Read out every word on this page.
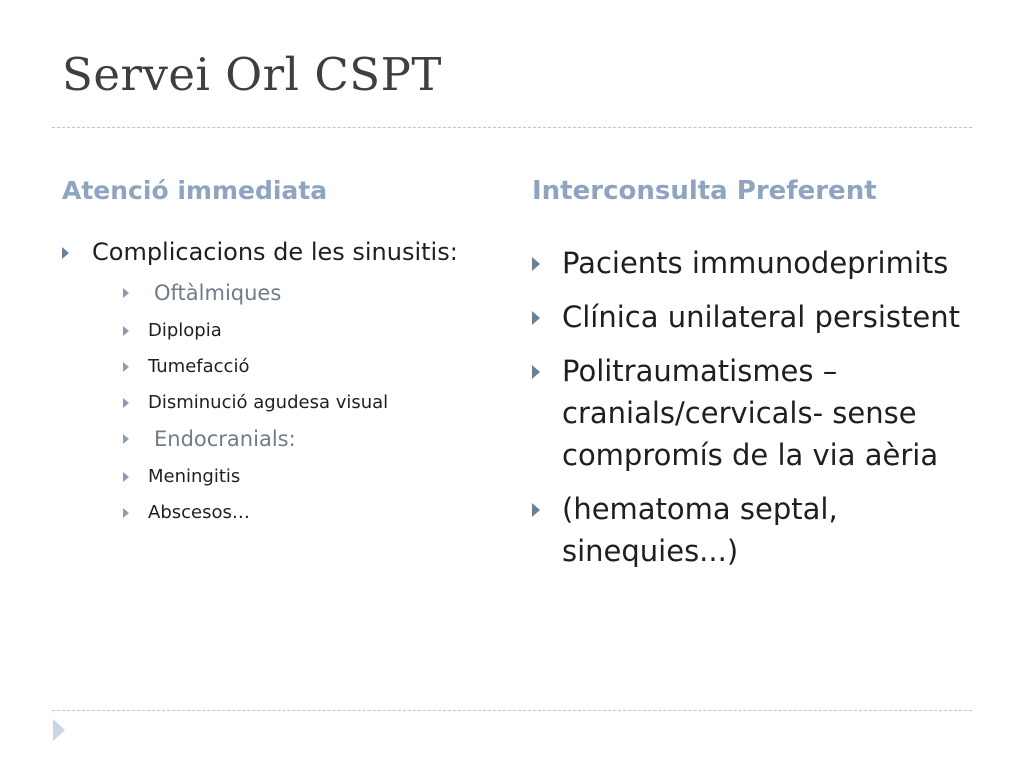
Servei Orl CSPT
Atenció immediata
Complicacions de les sinusitis:
Oftàlmiques
Diplopia
Tumefacció
Disminució agudesa visual
Endocranials:
Meningitis
Abscesos…
Interconsulta Preferent
Pacients immunodeprimits
Clínica unilateral persistent
Politraumatismes – cranials/cervicals- sense compromís de la via aèria
(hematoma septal, sinequies...)
